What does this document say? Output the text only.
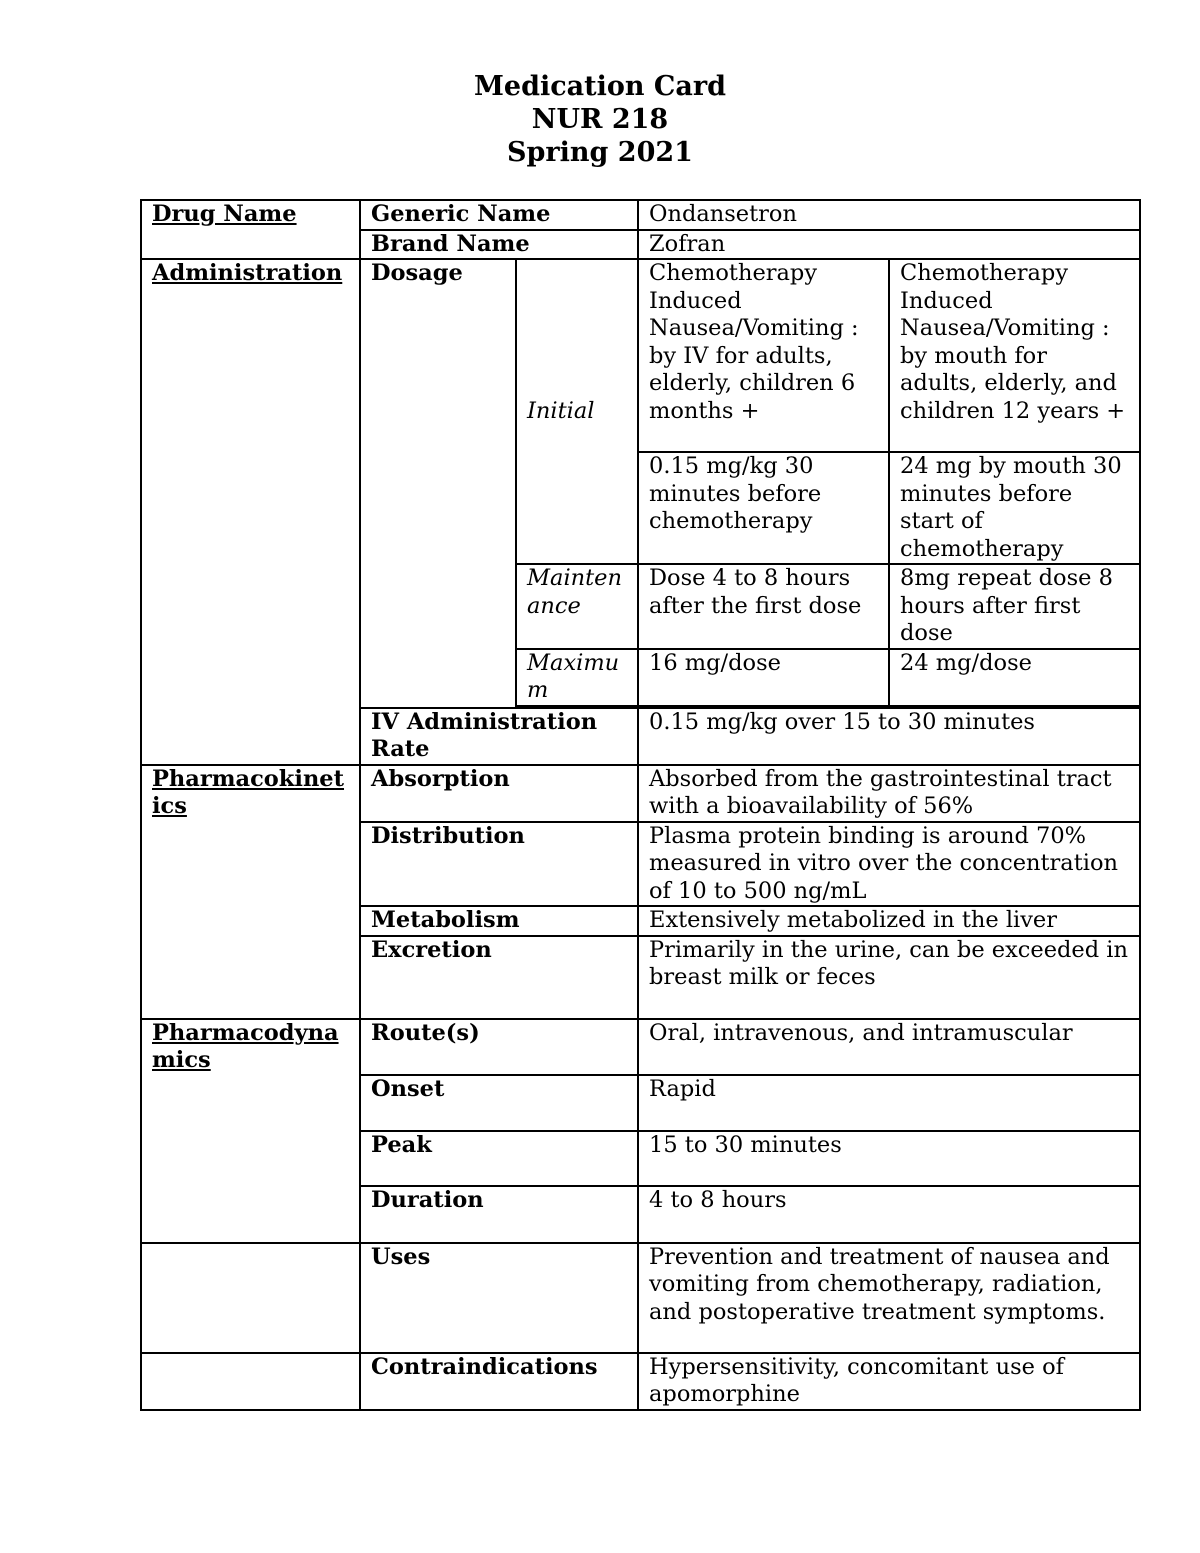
Medication Card
NUR 218
Spring 2021
Drug Name	Generic Name		Ondansetron	
	Brand Name		Zofran	
Administration	Dosage	Initial	Chemotherapy Induced Nausea/Vomiting : by IV for adults, elderly, children 6 months +	Chemotherapy Induced Nausea/Vomiting : by mouth for adults, elderly, and children 12 years +
			0.15 mg/kg 30 minutes before chemotherapy	24 mg by mouth 30 minutes before start of chemotherapy
		Maintenance	Dose 4 to 8 hours after the first dose	8mg repeat dose 8 hours after first dose
		Maximum	16 mg/dose	24 mg/dose

	IV Administration Rate		0.15 mg/kg over 15 to 30 minutes	
Pharmacokinetics	Absorption		Absorbed from the gastrointestinal tract with a bioavailability of 56%	
	Distribution		Plasma protein binding is around 70% measured in vitro over the concentration of 10 to 500 ng/mL	
	Metabolism		Extensively metabolized in the liver	
	Excretion		Primarily in the urine, can be exceeded in breast milk or feces	
Pharmacodynamics	Route(s)		Oral, intravenous, and intramuscular	
	Onset		Rapid	
	Peak		15 to 30 minutes	
	Duration		4 to 8 hours	
	Uses		Prevention and treatment of nausea and vomiting from chemotherapy, radiation, and postoperative treatment symptoms.	
	Contraindications		Hypersensitivity, concomitant use of apomorphine	
